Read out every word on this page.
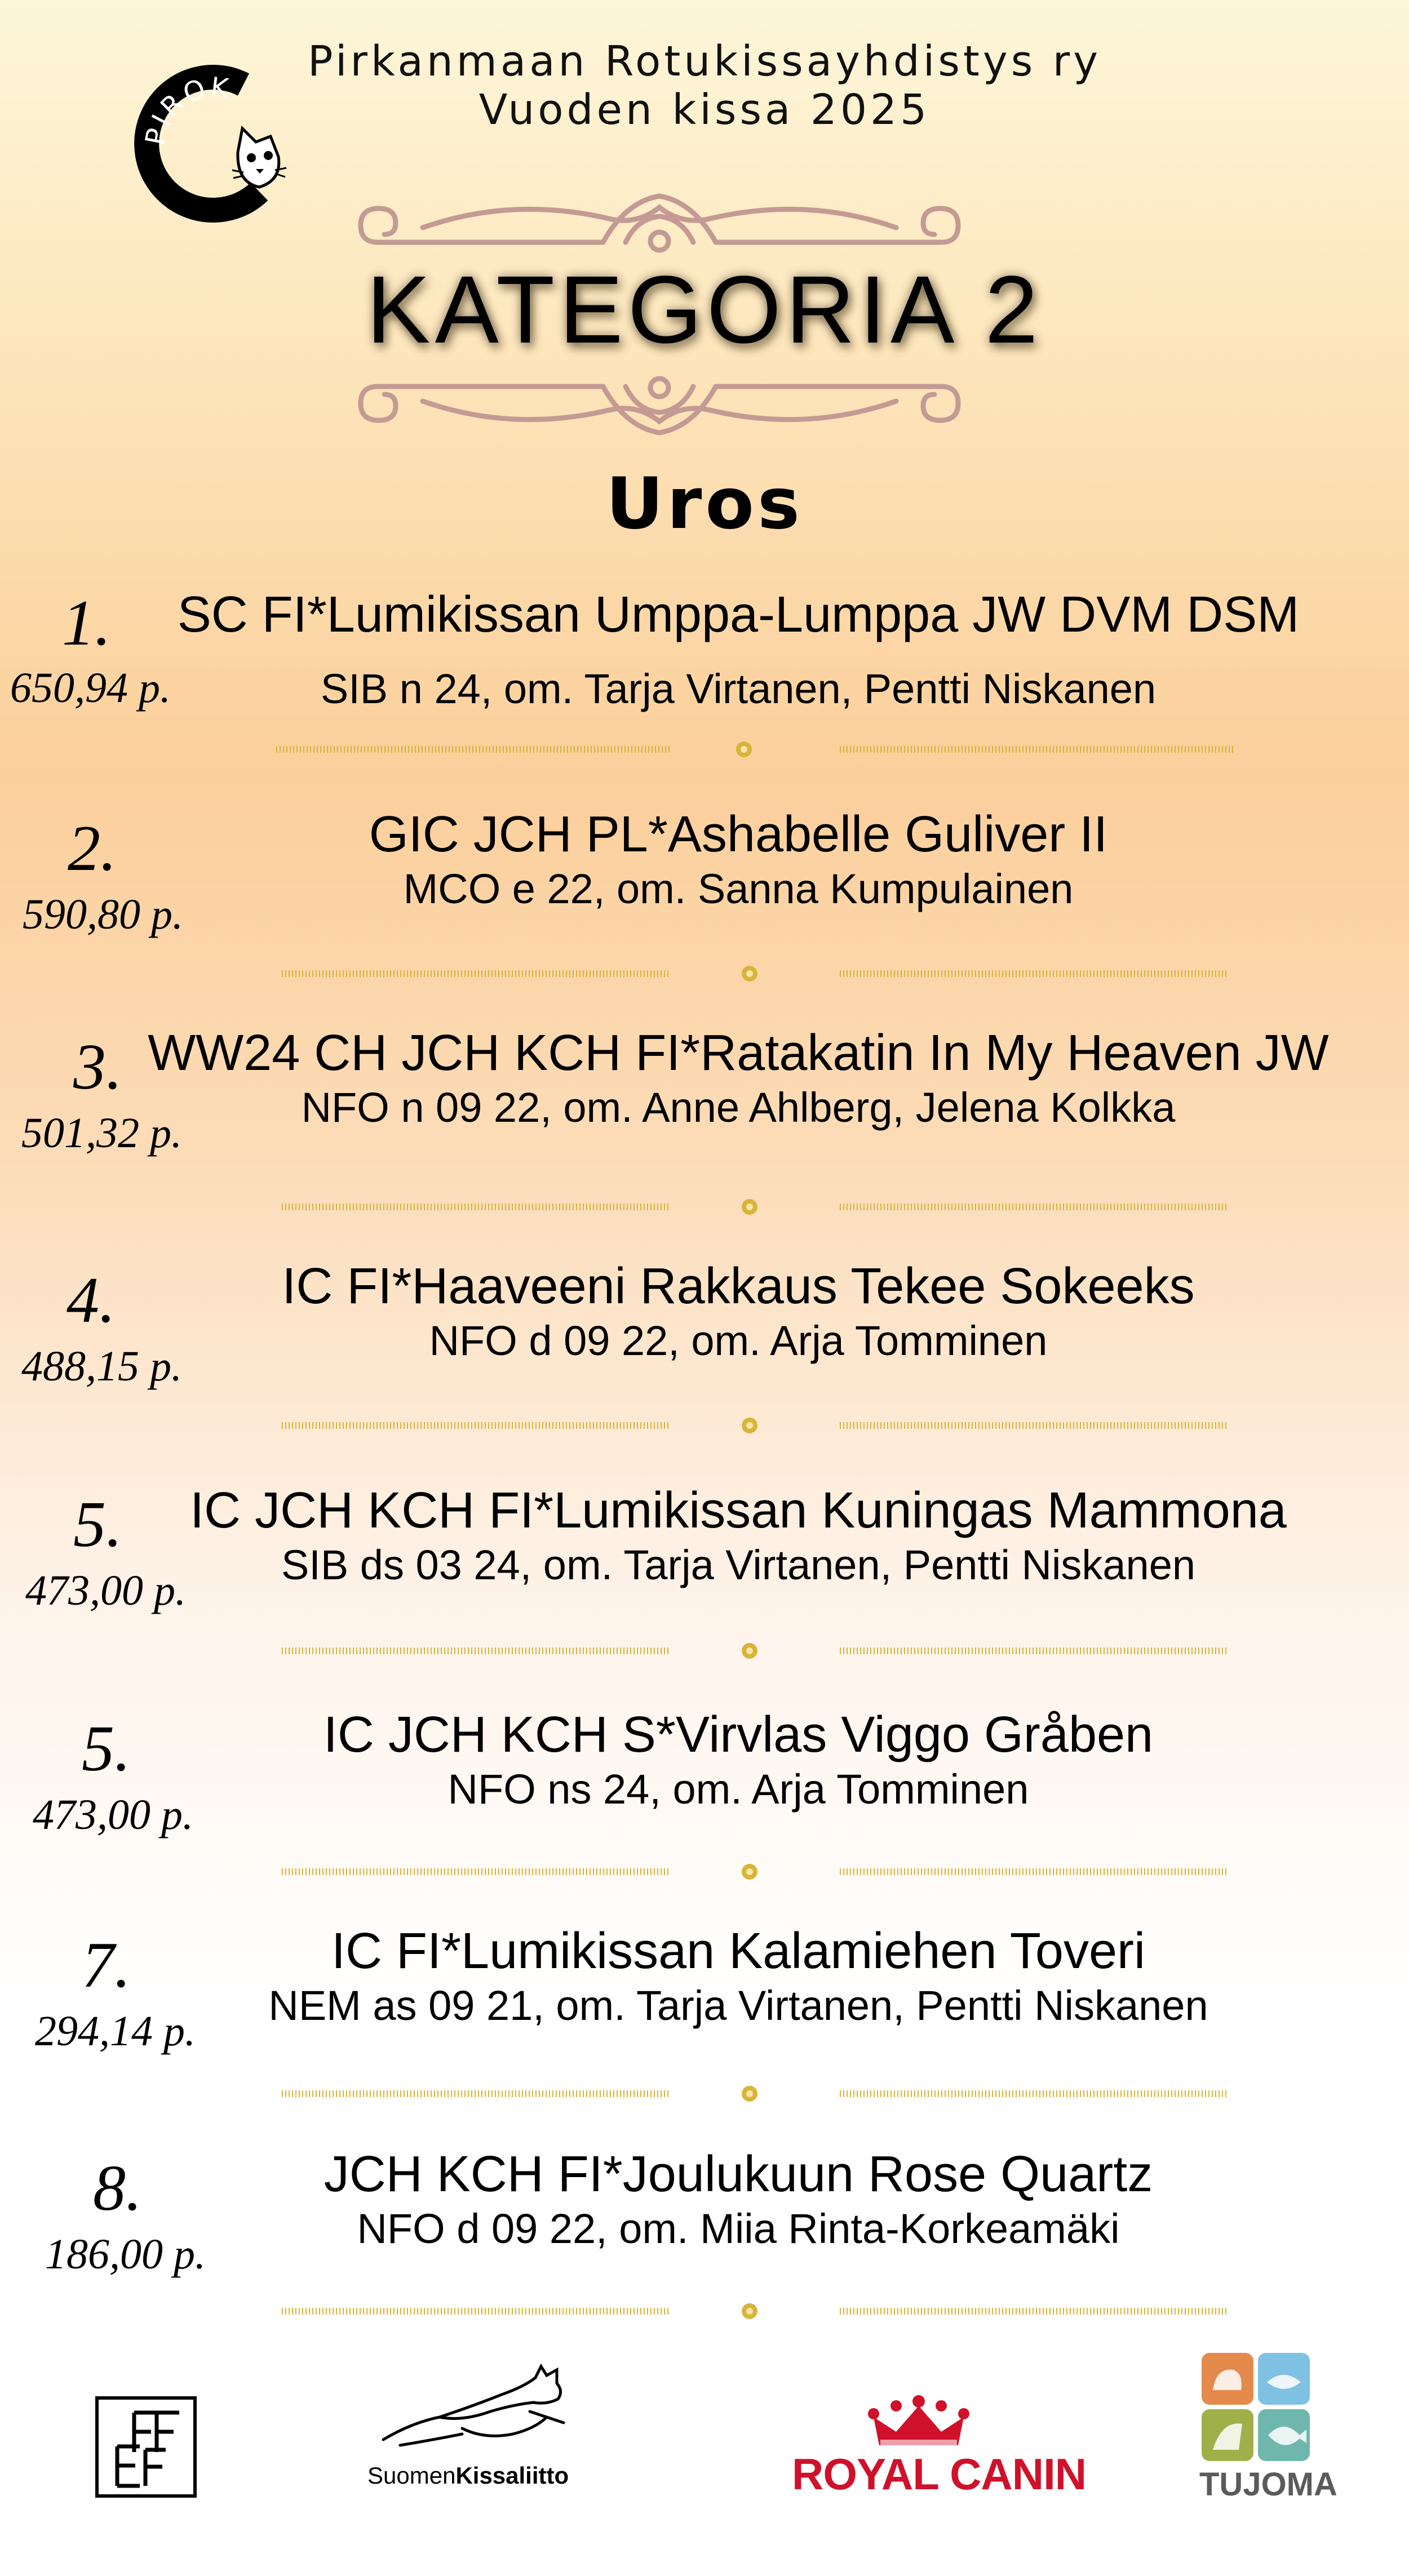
PIROK
Pirkanmaan Rotukissayhdistys ry
Vuoden kissa 2025
KATEGORIA 2
Uros
1.
650,94 p.
SC FI*Lumikissan Umppa-Lumppa JW DVM DSM
SIB n 24, om. Tarja Virtanen, Pentti Niskanen
2.
590,80 p.
GIC JCH PL*Ashabelle Guliver II
MCO e 22, om. Sanna Kumpulainen
3.
501,32 p.
WW24 CH JCH KCH FI*Ratakatin In My Heaven JW
NFO n 09 22, om. Anne Ahlberg, Jelena Kolkka
4.
488,15 p.
IC FI*Haaveeni Rakkaus Tekee Sokeeks
NFO d 09 22, om. Arja Tomminen
5.
473,00 p.
IC JCH KCH FI*Lumikissan Kuningas Mammona
SIB ds 03 24, om. Tarja Virtanen, Pentti Niskanen
5.
473,00 p.
IC JCH KCH S*Virvlas Viggo Gråben
NFO ns 24, om. Arja Tomminen
7.
294,14 p.
IC FI*Lumikissan Kalamiehen Toveri
NEM as 09 21, om. Tarja Virtanen, Pentti Niskanen
8.
186,00 p.
JCH KCH FI*Joulukuun Rose Quartz
NFO d 09 22, om. Miia Rinta-Korkeamäki
SuomenKissaliitto	ROYAL CANIN	TUJOMA
